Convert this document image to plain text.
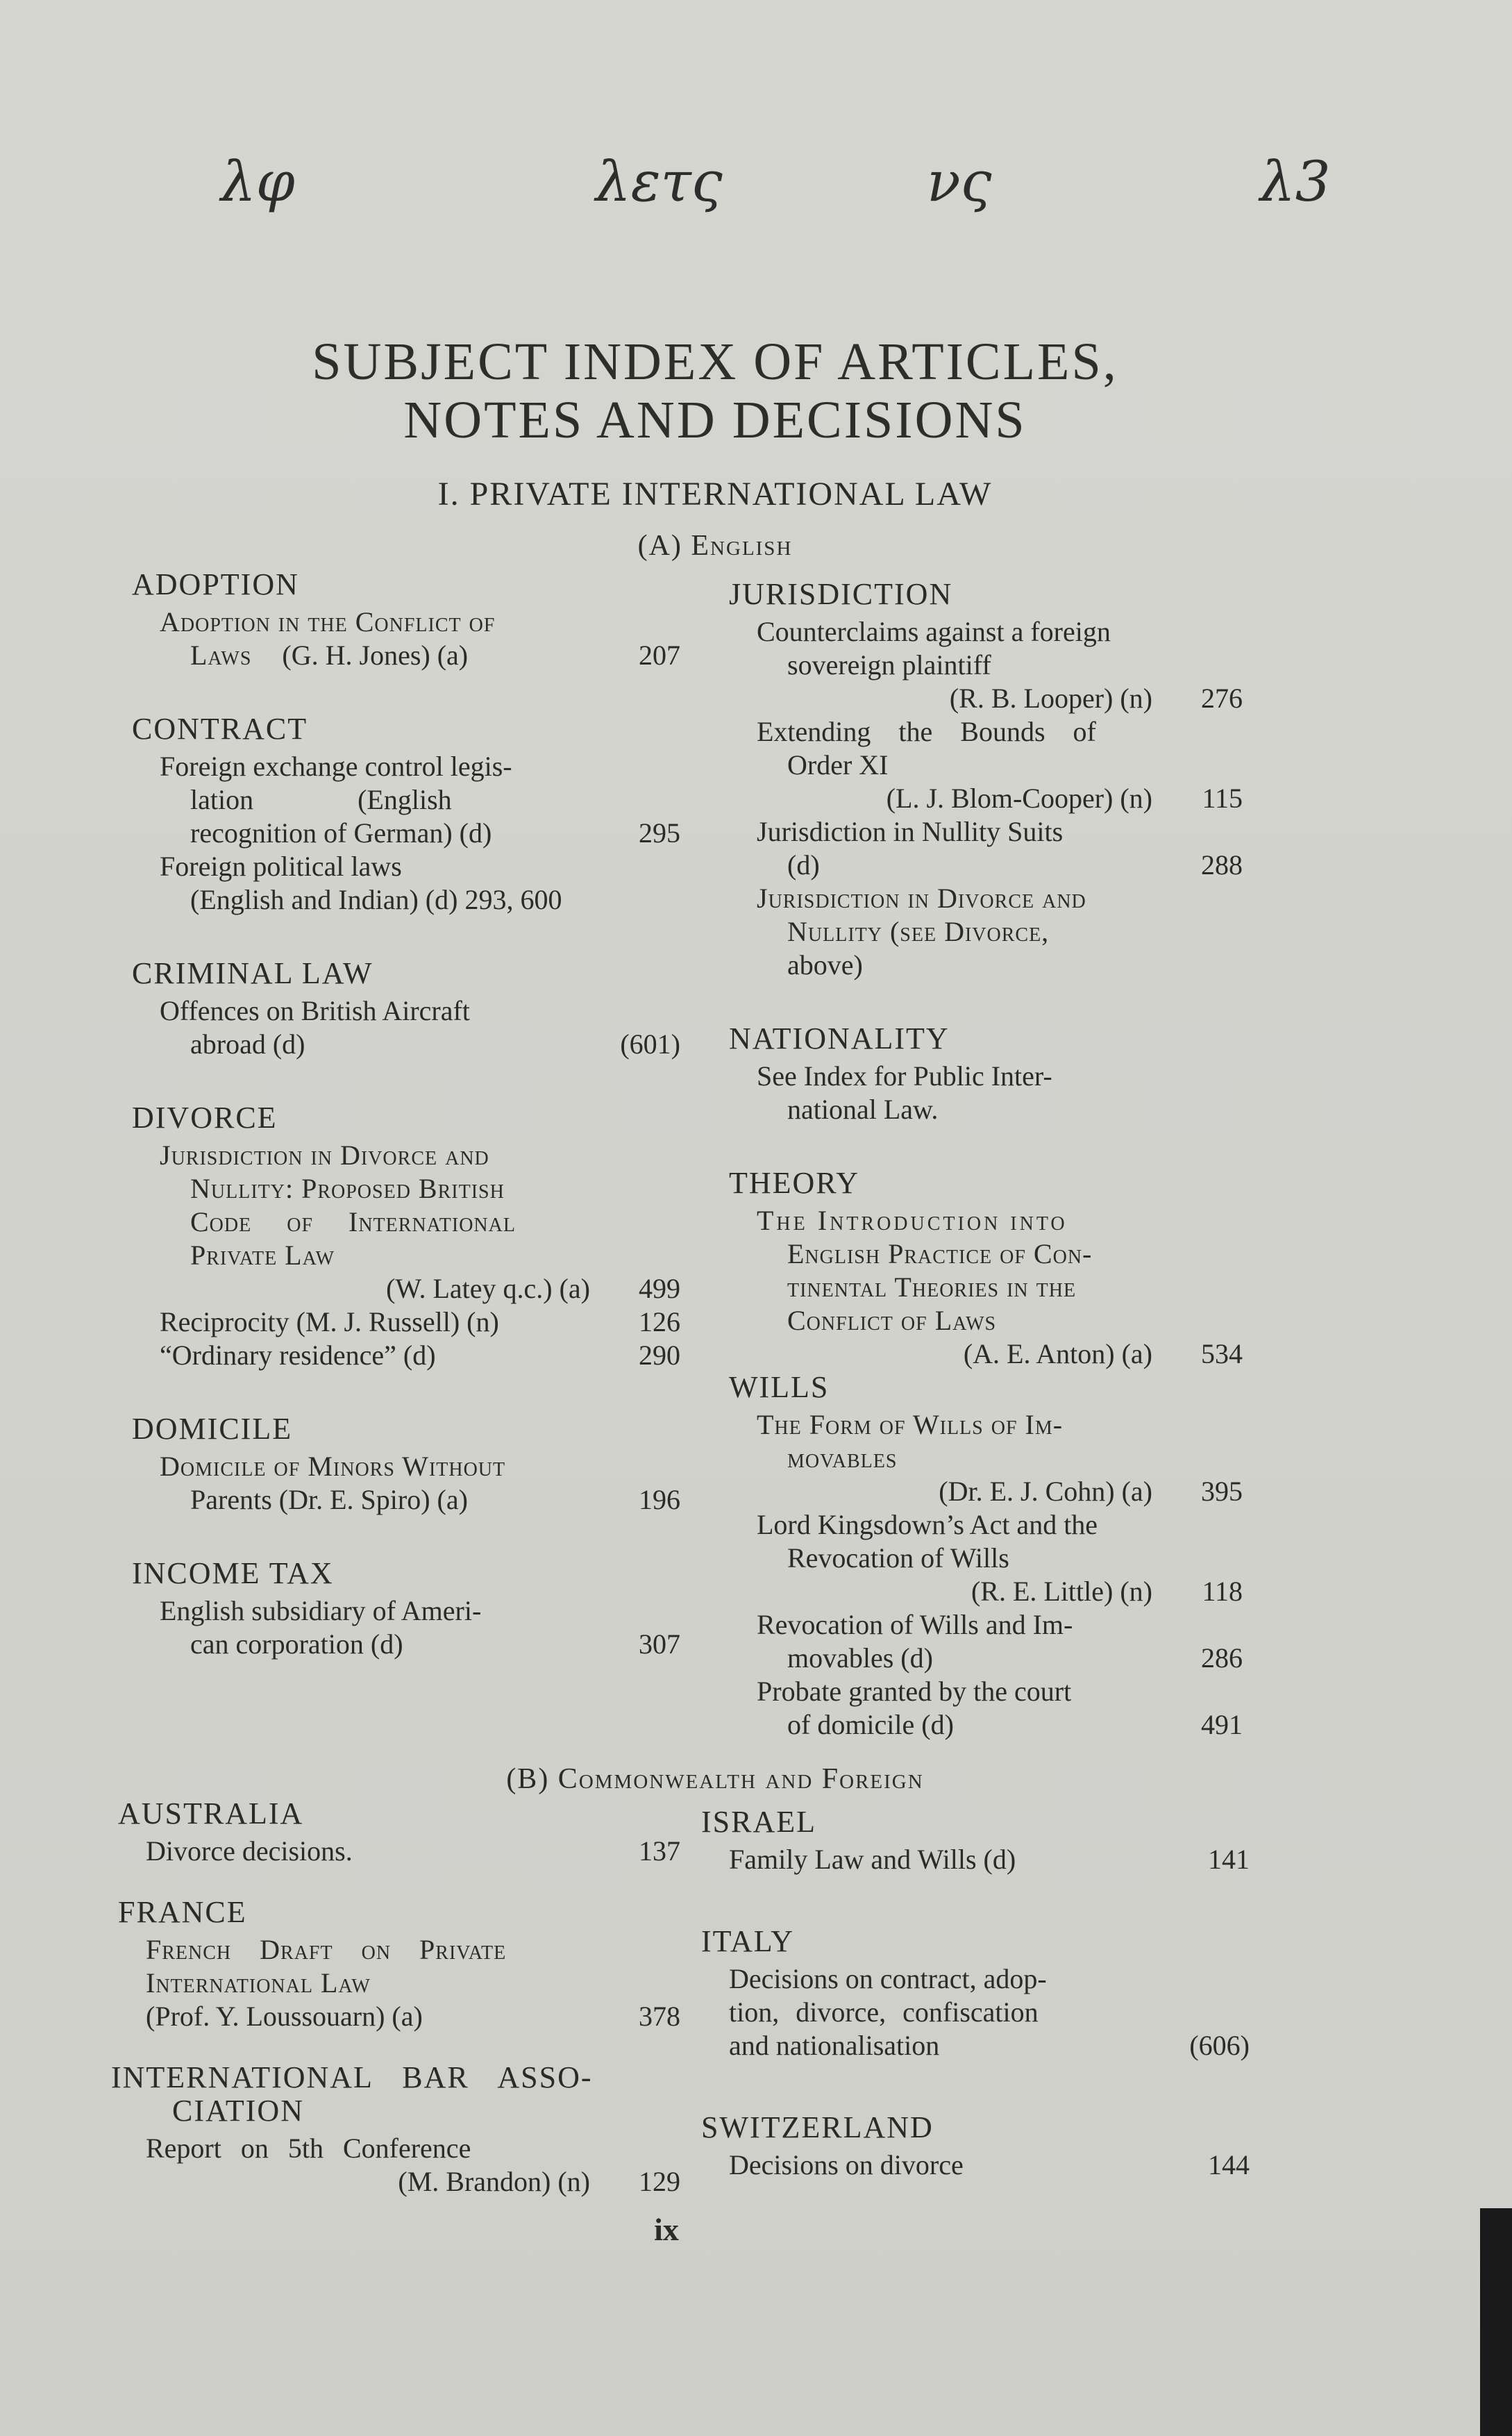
λφ	λετς	νς	λ3
SUBJECT INDEX OF ARTICLES,
NOTES AND DECISIONS
I. PRIVATE INTERNATIONAL LAW
(A) English
ADOPTION
Adoption in the Conflict of
Laws (G. H. Jones) (a)	207
CONTRACT
Foreign exchange control legis-
lation (English
recognition of German) (d)	295
Foreign political laws
(English and Indian) (d) 293, 600
CRIMINAL LAW
Offences on British Aircraft
abroad (d)	(601)
DIVORCE
Jurisdiction in Divorce and
Nullity: Proposed British
Code of International
Private Law
(W. Latey q.c.) (a)	499
Reciprocity (M. J. Russell) (n)	126
“Ordinary residence” (d)	290
DOMICILE
Domicile of Minors Without
Parents (Dr. E. Spiro) (a)	196
INCOME TAX
English subsidiary of Ameri-
can corporation (d)	307
JURISDICTION
Counterclaims against a foreign
sovereign plaintiff
(R. B. Looper) (n)	276
Extending the Bounds of
Order XI
(L. J. Blom-Cooper) (n)	115
Jurisdiction in Nullity Suits
(d)	288
Jurisdiction in Divorce and
Nullity (see Divorce,
above)
NATIONALITY
See Index for Public Inter-
national Law.
THEORY
The Introduction into
English Practice of Con-
tinental Theories in the
Conflict of Laws
(A. E. Anton) (a)	534
WILLS
The Form of Wills of Im-
movables
(Dr. E. J. Cohn) (a)	395
Lord Kingsdown’s Act and the
Revocation of Wills
(R. E. Little) (n)	118
Revocation of Wills and Im-
movables (d)	286
Probate granted by the court
of domicile (d)	491
(B) Commonwealth and Foreign
AUSTRALIA
Divorce decisions.	137
FRANCE
French Draft on Private
International Law
(Prof. Y. Loussouarn) (a)	378
INTERNATIONAL BAR ASSO-
CIATION
Report on 5th Conference
(M. Brandon) (n)	129
ISRAEL
Family Law and Wills (d)	141
ITALY
Decisions on contract, adop-
tion, divorce, confiscation
and nationalisation	(606)
SWITZERLAND
Decisions on divorce	144
ix
